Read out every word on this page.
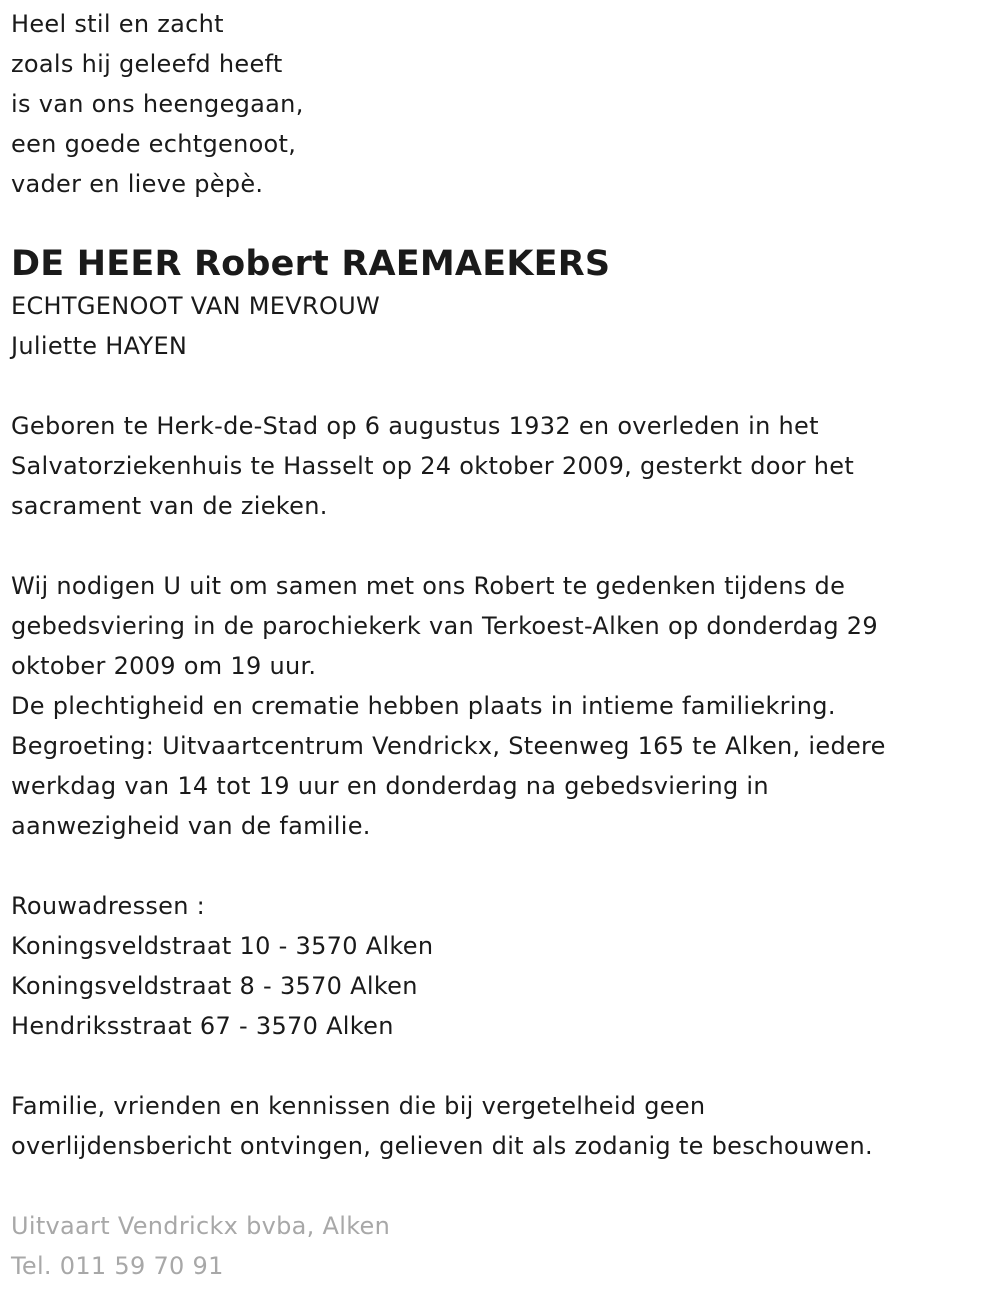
Heel stil en zacht
zoals hij geleefd heeft
is van ons heengegaan,
een goede echtgenoot,
vader en lieve pèpè.
DE HEER Robert RAEMAEKERS
ECHTGENOOT VAN MEVROUW
Juliette HAYEN
Geboren te Herk-de-Stad op 6 augustus 1932 en overleden in het
Salvatorziekenhuis te Hasselt op 24 oktober 2009, gesterkt door het
sacrament van de zieken.
Wij nodigen U uit om samen met ons Robert te gedenken tijdens de
gebedsviering in de parochiekerk van Terkoest-Alken op donderdag 29
oktober 2009 om 19 uur.
De plechtigheid en crematie hebben plaats in intieme familiekring.
Begroeting: Uitvaartcentrum Vendrickx, Steenweg 165 te Alken, iedere
werkdag van 14 tot 19 uur en donderdag na gebedsviering in
aanwezigheid van de familie.
Rouwadressen :
Koningsveldstraat 10 - 3570 Alken
Koningsveldstraat 8 - 3570 Alken
Hendriksstraat 67 - 3570 Alken
Familie, vrienden en kennissen die bij vergetelheid geen
overlijdensbericht ontvingen, gelieven dit als zodanig te beschouwen.
Uitvaart Vendrickx bvba, Alken
Tel. 011 59 70 91
